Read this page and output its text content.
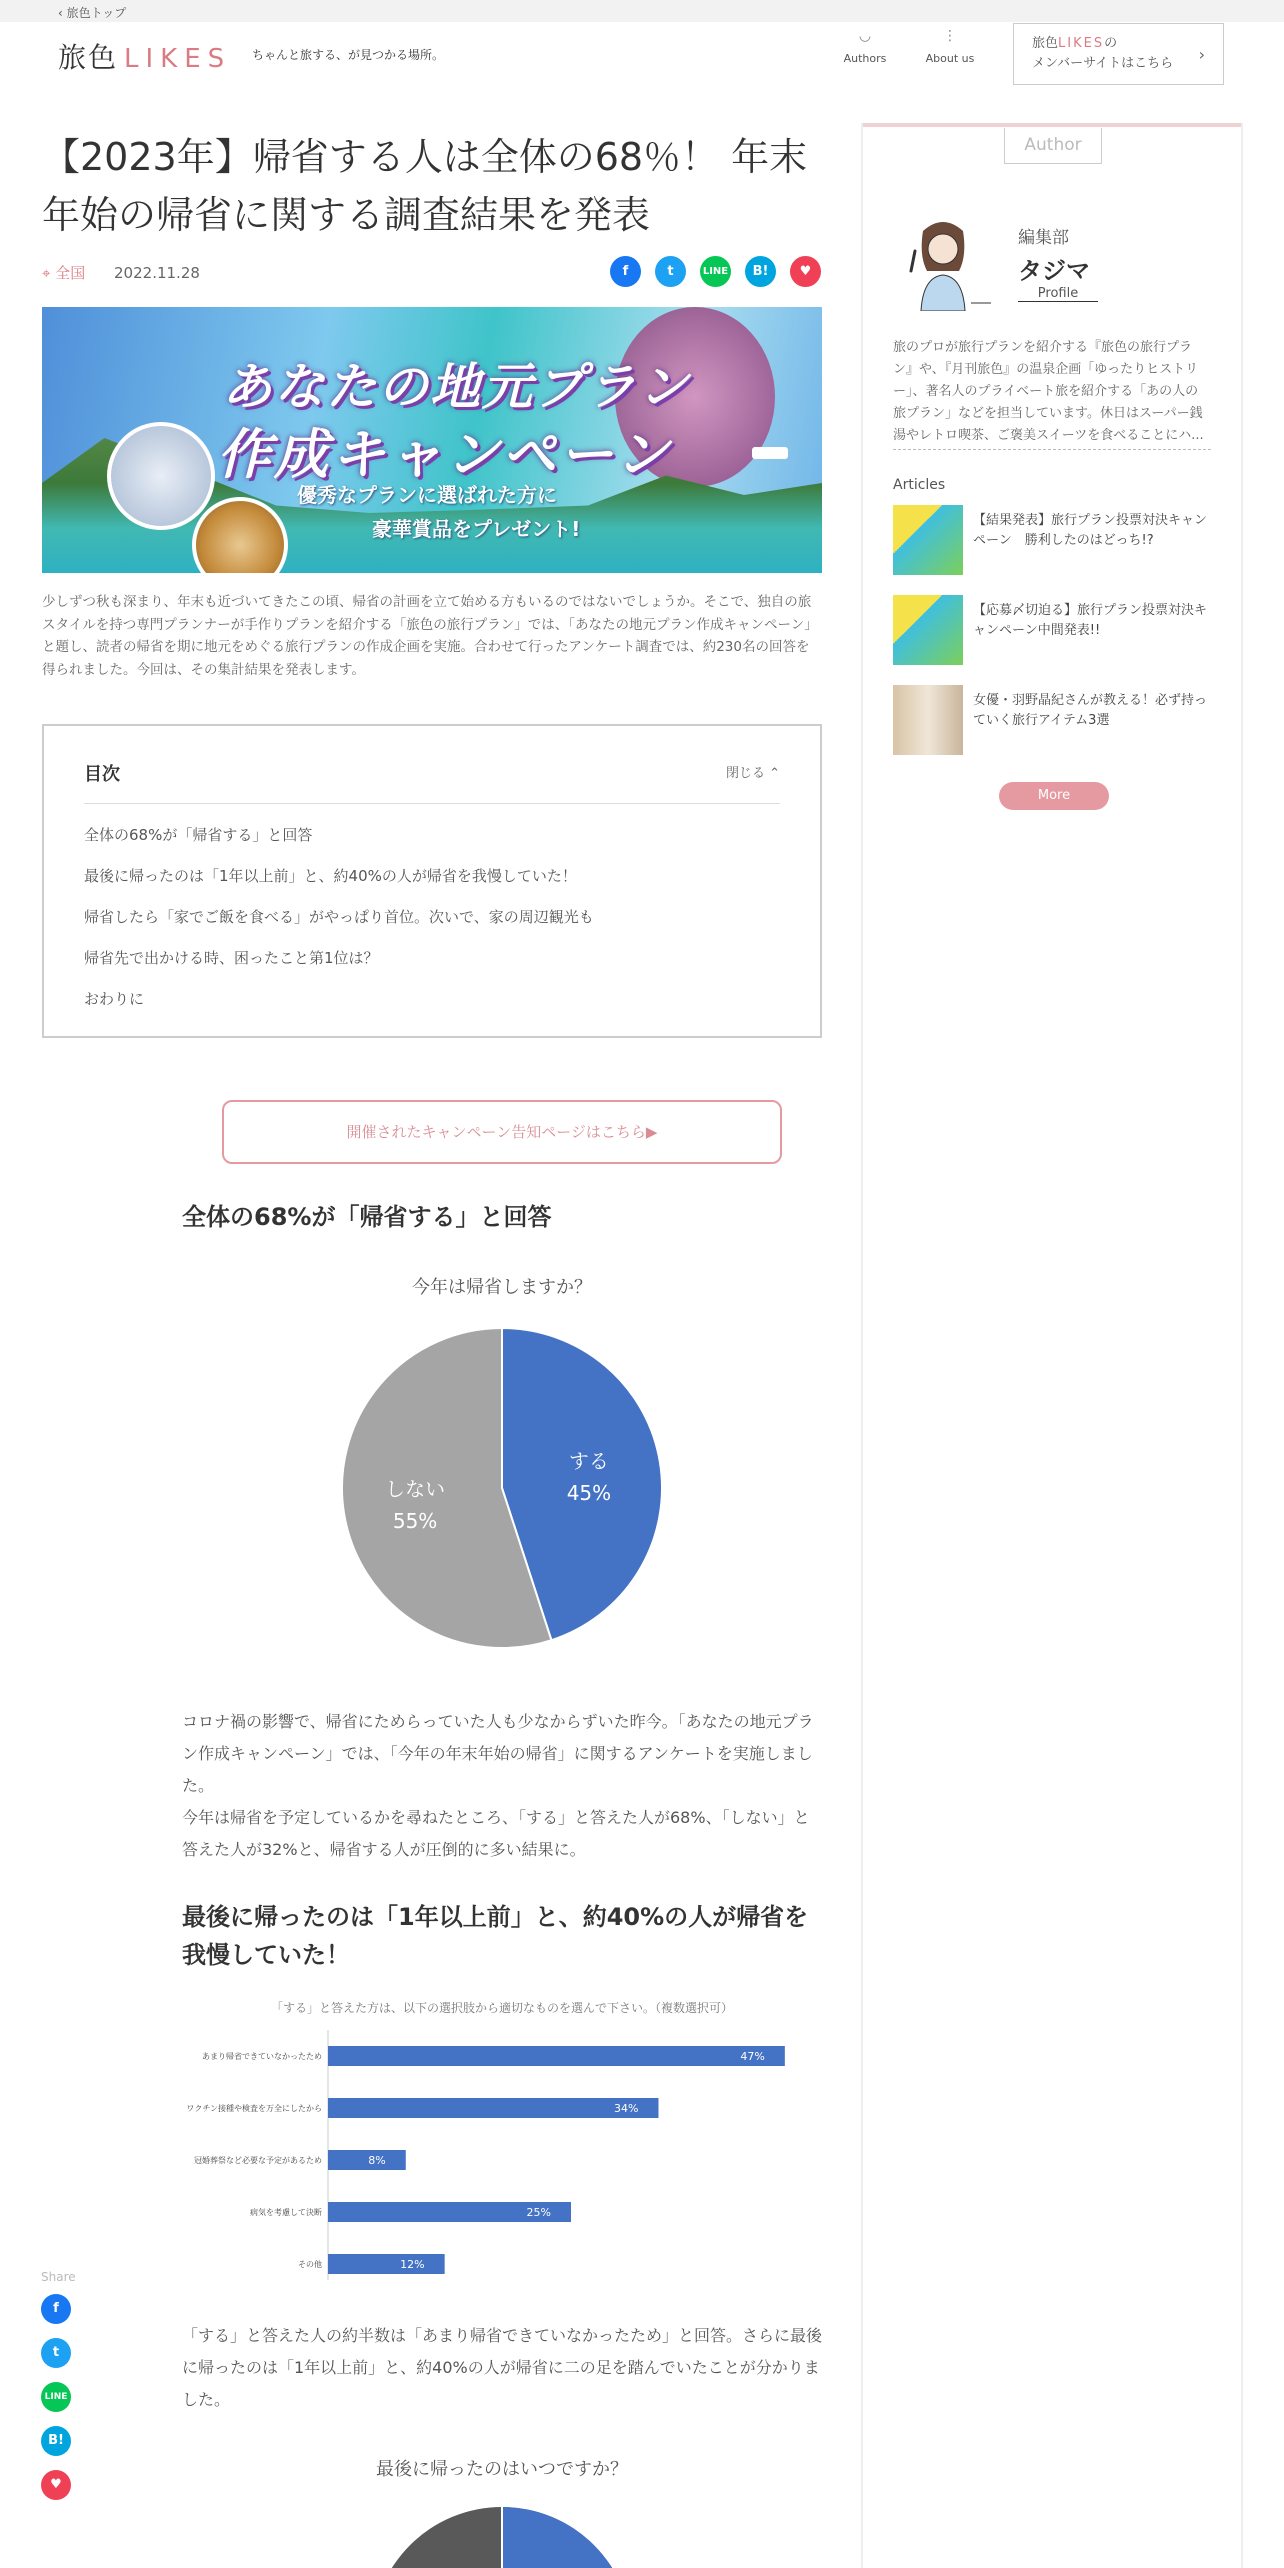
‹ 旅色トップ
旅色 LIKES ちゃんと旅する、が見つかる場所。
◡
Authors
⋮
About us
旅色LIKESの
メンバーサイトはこちら	›
【2023年】帰省する人は全体の68％！ 年末年始の帰省に関する調査結果を発表
⌖ 全国 2022.11.28	f	t	LINE	B!	♥
あなたの地元プラン
作成キャンペーン
優秀なプランに選ばれた方に
豪華賞品をプレゼント!
少しずつ秋も深まり、年末も近づいてきたこの頃、帰省の計画を立て始める方もいるのではないでしょうか。そこで、独自の旅スタイルを持つ専門プランナーが手作りプランを紹介する「旅色の旅行プラン」では、「あなたの地元プラン作成キャンペーン」と題し、読者の帰省を期に地元をめぐる旅行プランの作成企画を実施。合わせて行ったアンケート調査では、約230名の回答を得られました。今回は、その集計結果を発表します。
目次	閉じる ⌃
全体の68%が「帰省する」と回答
最後に帰ったのは「1年以上前」と、約40%の人が帰省を我慢していた！
帰省したら「家でご飯を食べる」がやっぱり首位。次いで、家の周辺観光も
帰省先で出かける時、困ったこと第1位は？
おわりに
開催されたキャンペーン告知ページはこちら▶
全体の68%が「帰省する」と回答
今年は帰省しますか？
する
45%
しない
55%
コロナ禍の影響で、帰省にためらっていた人も少なからずいた昨今。「あなたの地元プラン作成キャンペーン」では、「今年の年末年始の帰省」に関するアンケートを実施しました。
今年は帰省を予定しているかを尋ねたところ、「する」と答えた人が68%、「しない」と答えた人が32%と、帰省する人が圧倒的に多い結果に。
最後に帰ったのは「1年以上前」と、約40%の人が帰省を我慢していた！
「する」と答えた方は、以下の選択肢から適切なものを選んで下さい。（複数選択可）
あまり帰省できていなかったため	47%
ワクチン接種や検査を万全にしたから	34%
冠婚葬祭など必要な予定があるため	8%
病気を考慮して決断	25%
その他	12%
「する」と答えた人の約半数は「あまり帰省できていなかったため」と回答。さらに最後に帰ったのは「1年以上前」と、約40%の人が帰省に二の足を踏んでいたことが分かりました。
最後に帰ったのはいつですか？
Author
編集部
タジマ
Profile
旅のプロが旅行プランを紹介する『旅色の旅行プラン』や、『月刊旅色』の温泉企画「ゆったりヒストリー」、著名人のプライベート旅を紹介する「あの人の旅プラン」などを担当しています。休日はスーパー銭湯やレトロ喫茶、ご褒美スイーツを食べることにハ...
Articles
【結果発表】旅行プラン投票対決キャンペーン　勝利したのはどっち!?
【応募〆切迫る】旅行プラン投票対決キャンペーン中間発表!!
女優・羽野晶紀さんが教える！必ず持っていく旅行アイテム3選
More
Share
f
t
LINE
B!
♥
